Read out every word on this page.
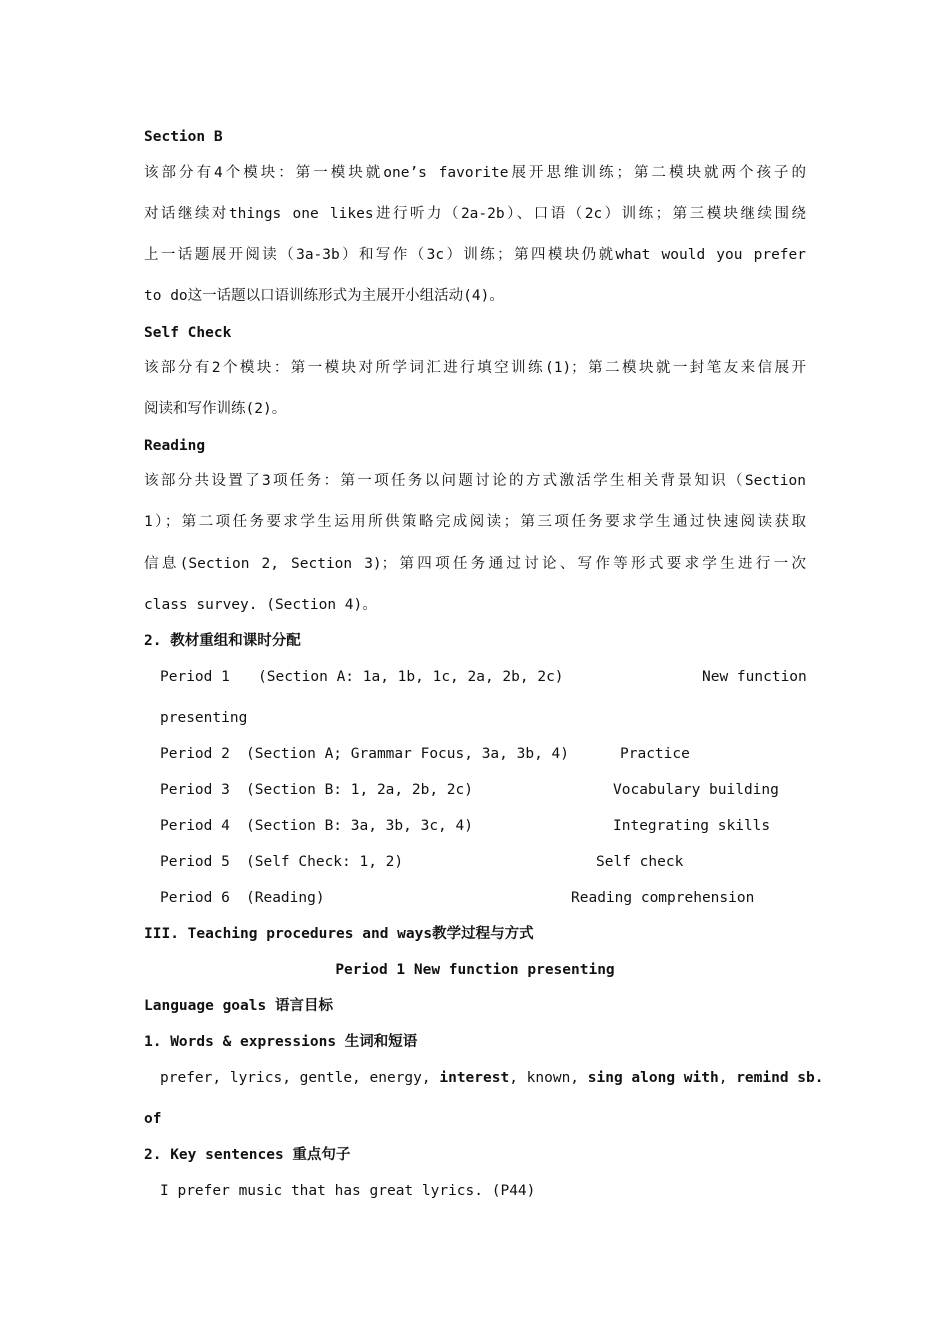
Section B
该部分有4个模块：第一模块就one’s favorite展开思维训练；第二模块就两个孩子的
对话继续对things one likes进行听力（2a-2b）、口语（2c）训练；第三模块继续围绕
上一话题展开阅读（3a-3b）和写作（3c）训练；第四模块仍就what would you prefer
to do这一话题以口语训练形式为主展开小组活动(4)。
Self Check
该部分有2个模块：第一模块对所学词汇进行填空训练(1)；第二模块就一封笔友来信展开
阅读和写作训练(2)。
Reading
该部分共设置了3项任务：第一项任务以问题讨论的方式激活学生相关背景知识（Section
1）；第二项任务要求学生运用所供策略完成阅读；第三项任务要求学生通过快速阅读获取
信息(Section 2, Section 3)；第四项任务通过讨论、写作等形式要求学生进行一次
class survey. (Section 4)。
2. 教材重组和课时分配
Period 1 (Section A: 1a, 1b, 1c, 2a, 2b, 2c)	New function
presenting
Period 2 (Section A; Grammar Focus, 3a, 3b, 4)	Practice
Period 3 (Section B: 1, 2a, 2b, 2c)	Vocabulary building
Period 4 (Section B: 3a, 3b, 3c, 4)	Integrating skills
Period 5 (Self Check: 1, 2)	Self check
Period 6 (Reading)	Reading comprehension
III. Teaching procedures and ways教学过程与方式
Period 1 New function presenting
Language goals 语言目标
1. Words & expressions 生词和短语
prefer, lyrics, gentle, energy, interest, known, sing along with, remind sb.
of
2. Key sentences 重点句子
I prefer music that has great lyrics. (P44)
